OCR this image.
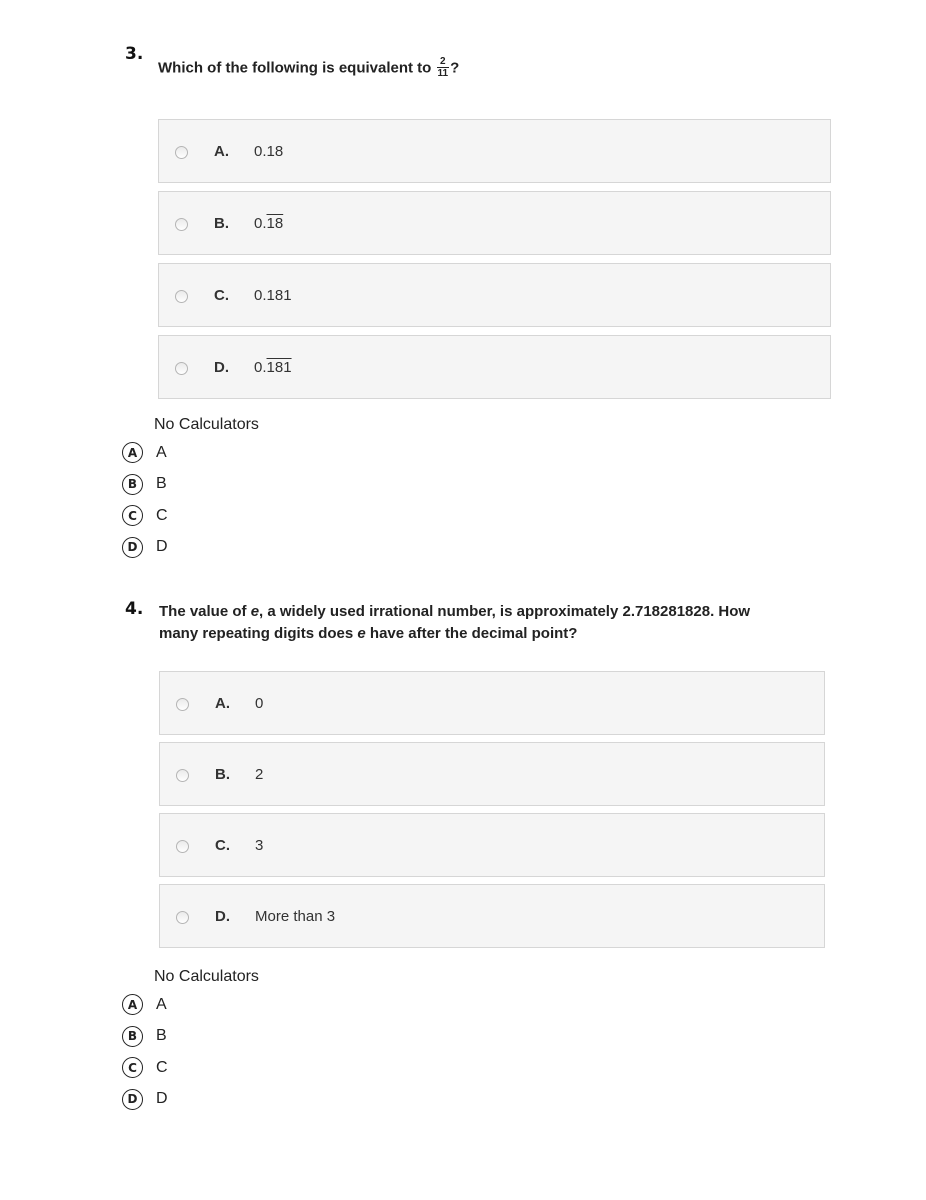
3.
Which of the following is equivalent to $\frac{2}{11}$ ?
A. 0.18
B. 0.18
C. 0.181
D. 0.181
No Calculators
A	A
B	B
C	C
D	D
4. The value of e, a widely used irrational number, is approximately 2.718281828. How
many repeating digits does e have after the decimal point?
A. 0
B. 2
C. 3
D. More than 3
No Calculators
A	A
B	B
C	C
D	D
